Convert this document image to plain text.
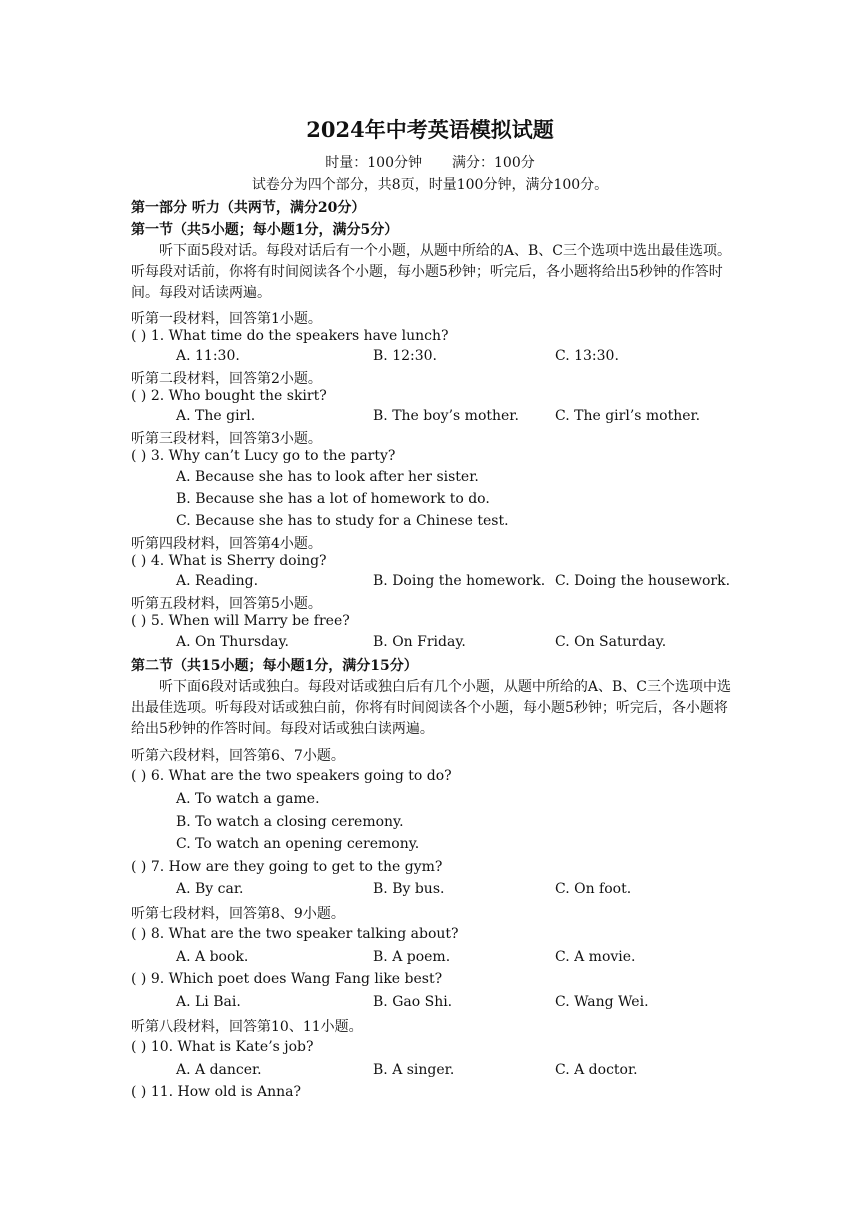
2024年中考英语模拟试题
时量：100分钟 满分：100分
试卷分为四个部分，共8页，时量100分钟，满分100分。
第一部分 听力（共两节，满分20分）
第一节（共5小题；每小题1分，满分5分）
听下面5段对话。每段对话后有一个小题，从题中所给的A、B、C三个选项中选出最佳选项。听每段对话前，你将有时间阅读各个小题，每小题5秒钟；听完后，各小题将给出5秒钟的作答时间。每段对话读两遍。
听第一段材料，回答第1小题。
( ) 1. What time do the speakers have lunch?
A. 11:30.	B. 12:30.	C. 13:30.
听第二段材料，回答第2小题。
( ) 2. Who bought the skirt?
A. The girl.	B. The boy’s mother.	C. The girl’s mother.
听第三段材料，回答第3小题。
( ) 3. Why can’t Lucy go to the party?
A. Because she has to look after her sister.
B. Because she has a lot of homework to do.
C. Because she has to study for a Chinese test.
听第四段材料，回答第4小题。
( ) 4. What is Sherry doing?
A. Reading.	B. Doing the homework. C. Doing the housework.
听第五段材料，回答第5小题。
( ) 5. When will Marry be free?
A. On Thursday.	B. On Friday.	C. On Saturday.
第二节（共15小题；每小题1分，满分15分）
听下面6段对话或独白。每段对话或独白后有几个小题，从题中所给的A、B、C三个选项中选出最佳选项。听每段对话或独白前，你将有时间阅读各个小题，每小题5秒钟；听完后，各小题将给出5秒钟的作答时间。每段对话或独白读两遍。
听第六段材料，回答第6、7小题。
( ) 6. What are the two speakers going to do?
A. To watch a game.
B. To watch a closing ceremony.
C. To watch an opening ceremony.
( ) 7. How are they going to get to the gym?
A. By car.	B. By bus.	C. On foot.
听第七段材料，回答第8、9小题。
( ) 8. What are the two speaker talking about?
A. A book.	B. A poem.	C. A movie.
( ) 9. Which poet does Wang Fang like best?
A. Li Bai.	B. Gao Shi.	C. Wang Wei.
听第八段材料，回答第10、11小题。
( ) 10. What is Kate’s job?
A. A dancer.	B. A singer.	C. A doctor.
( ) 11. How old is Anna?
